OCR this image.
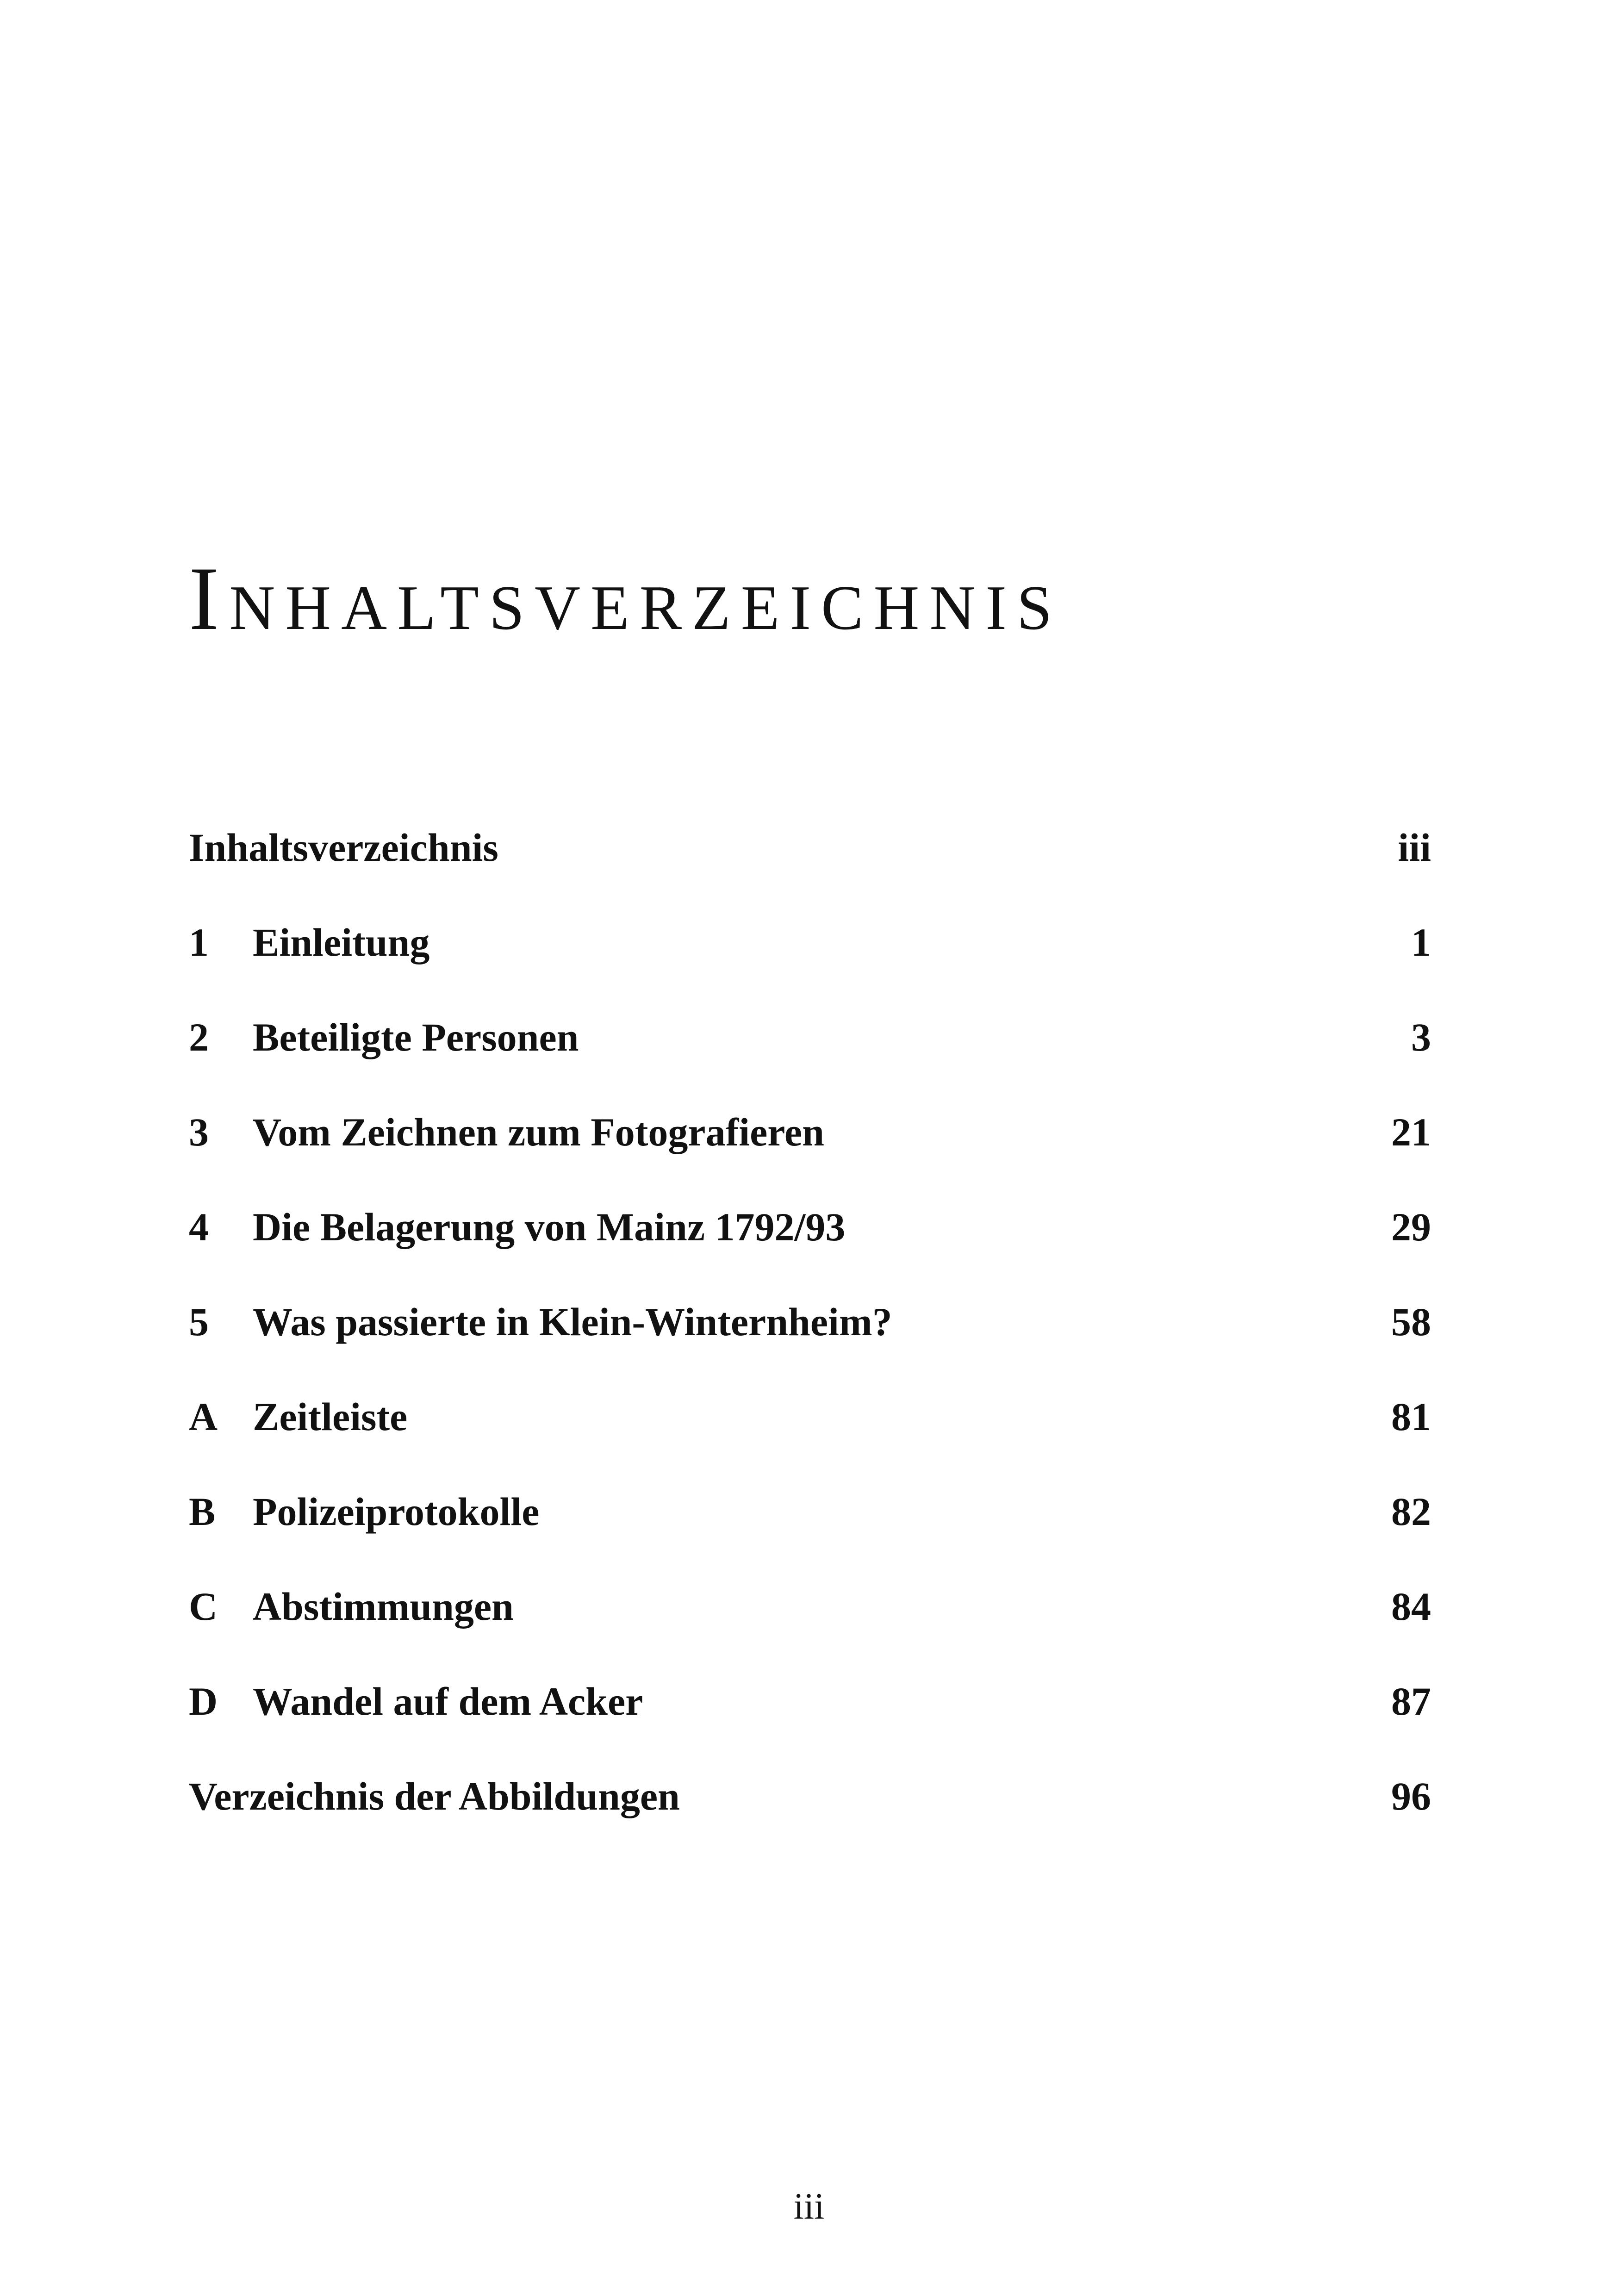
Inhaltsverzeichnis
Inhaltsverzeichnis	iii
1	Einleitung	1
2	Beteiligte Personen	3
3	Vom Zeichnen zum Fotografieren	21
4	Die Belagerung von Mainz 1792/93	29
5	Was passierte in Klein-Winternheim?	58
A Zeitleiste	81
B Polizeiprotokolle	82
C Abstimmungen	84
D Wandel auf dem Acker	87
Verzeichnis der Abbildungen	96
iii
